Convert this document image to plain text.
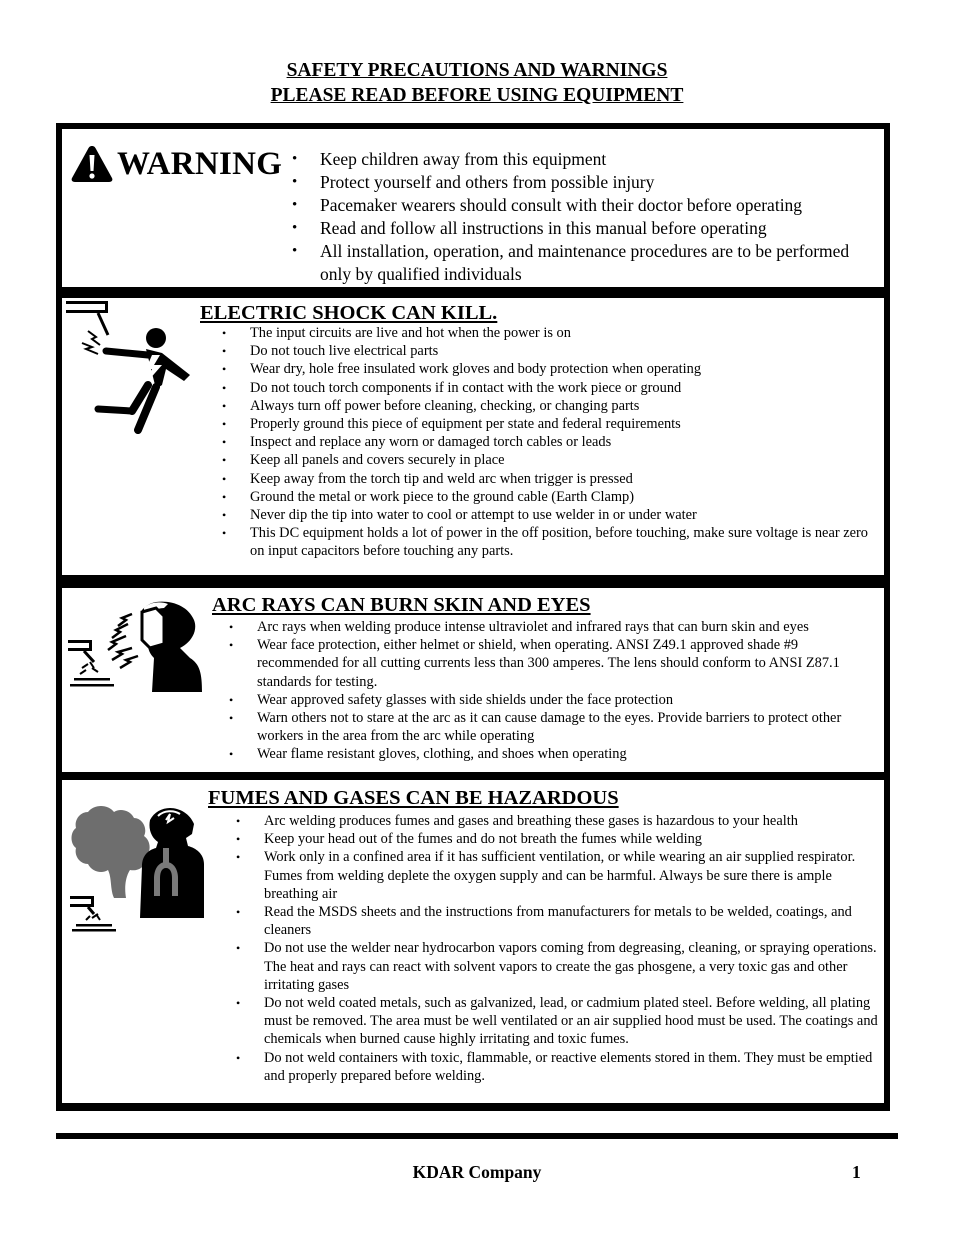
SAFETY PRECAUTIONS AND WARNINGS
PLEASE READ BEFORE USING EQUIPMENT
WARNING
• Keep children away from this equipment
• Protect yourself and others from possible injury
• Pacemaker wearers should consult with their doctor before operating
• Read and follow all instructions in this manual before operating
• All installation, operation, and maintenance procedures are to be performed only by qualified individuals
ELECTRIC SHOCK CAN KILL.
• The input circuits are live and hot when the power is on
• Do not touch live electrical parts
• Wear dry, hole free insulated work gloves and body protection when operating
• Do not touch torch components if in contact with the work piece or ground
• Always turn off power before cleaning, checking, or changing parts
• Properly ground this piece of equipment per state and federal requirements
• Inspect and replace any worn or damaged torch cables or leads
• Keep all panels and covers securely in place
• Keep away from the torch tip and weld arc when trigger is pressed
• Ground the metal or work piece to the ground cable (Earth Clamp)
• Never dip the tip into water to cool or attempt to use welder in or under water
• This DC equipment holds a lot of power in the off position, before touching, make sure voltage is near zero on input capacitors before touching any parts.
ARC RAYS CAN BURN SKIN AND EYES
• Arc rays when welding produce intense ultraviolet and infrared rays that can burn skin and eyes
• Wear face protection, either helmet or shield, when operating. ANSI Z49.1 approved shade #9 recommended for all cutting currents less than 300 amperes. The lens should conform to ANSI Z87.1 standards for testing.
• Wear approved safety glasses with side shields under the face protection
• Warn others not to stare at the arc as it can cause damage to the eyes. Provide barriers to protect other workers in the area from the arc while operating
• Wear flame resistant gloves, clothing, and shoes when operating
FUMES AND GASES CAN BE HAZARDOUS
• Arc welding produces fumes and gases and breathing these gases is hazardous to your health
• Keep your head out of the fumes and do not breath the fumes while welding
• Work only in a confined area if it has sufficient ventilation, or while wearing an air supplied respirator. Fumes from welding deplete the oxygen supply and can be harmful. Always be sure there is ample breathing air
• Read the MSDS sheets and the instructions from manufacturers for metals to be welded, coatings, and cleaners
• Do not use the welder near hydrocarbon vapors coming from degreasing, cleaning, or spraying operations. The heat and rays can react with solvent vapors to create the gas phosgene, a very toxic gas and other irritating gases
• Do not weld coated metals, such as galvanized, lead, or cadmium plated steel. Before welding, all plating must be removed. The area must be well ventilated or an air supplied hood must be used. The coatings and chemicals when burned cause highly irritating and toxic fumes.
• Do not weld containers with toxic, flammable, or reactive elements stored in them. They must be emptied and properly prepared before welding.
KDAR Company	1
